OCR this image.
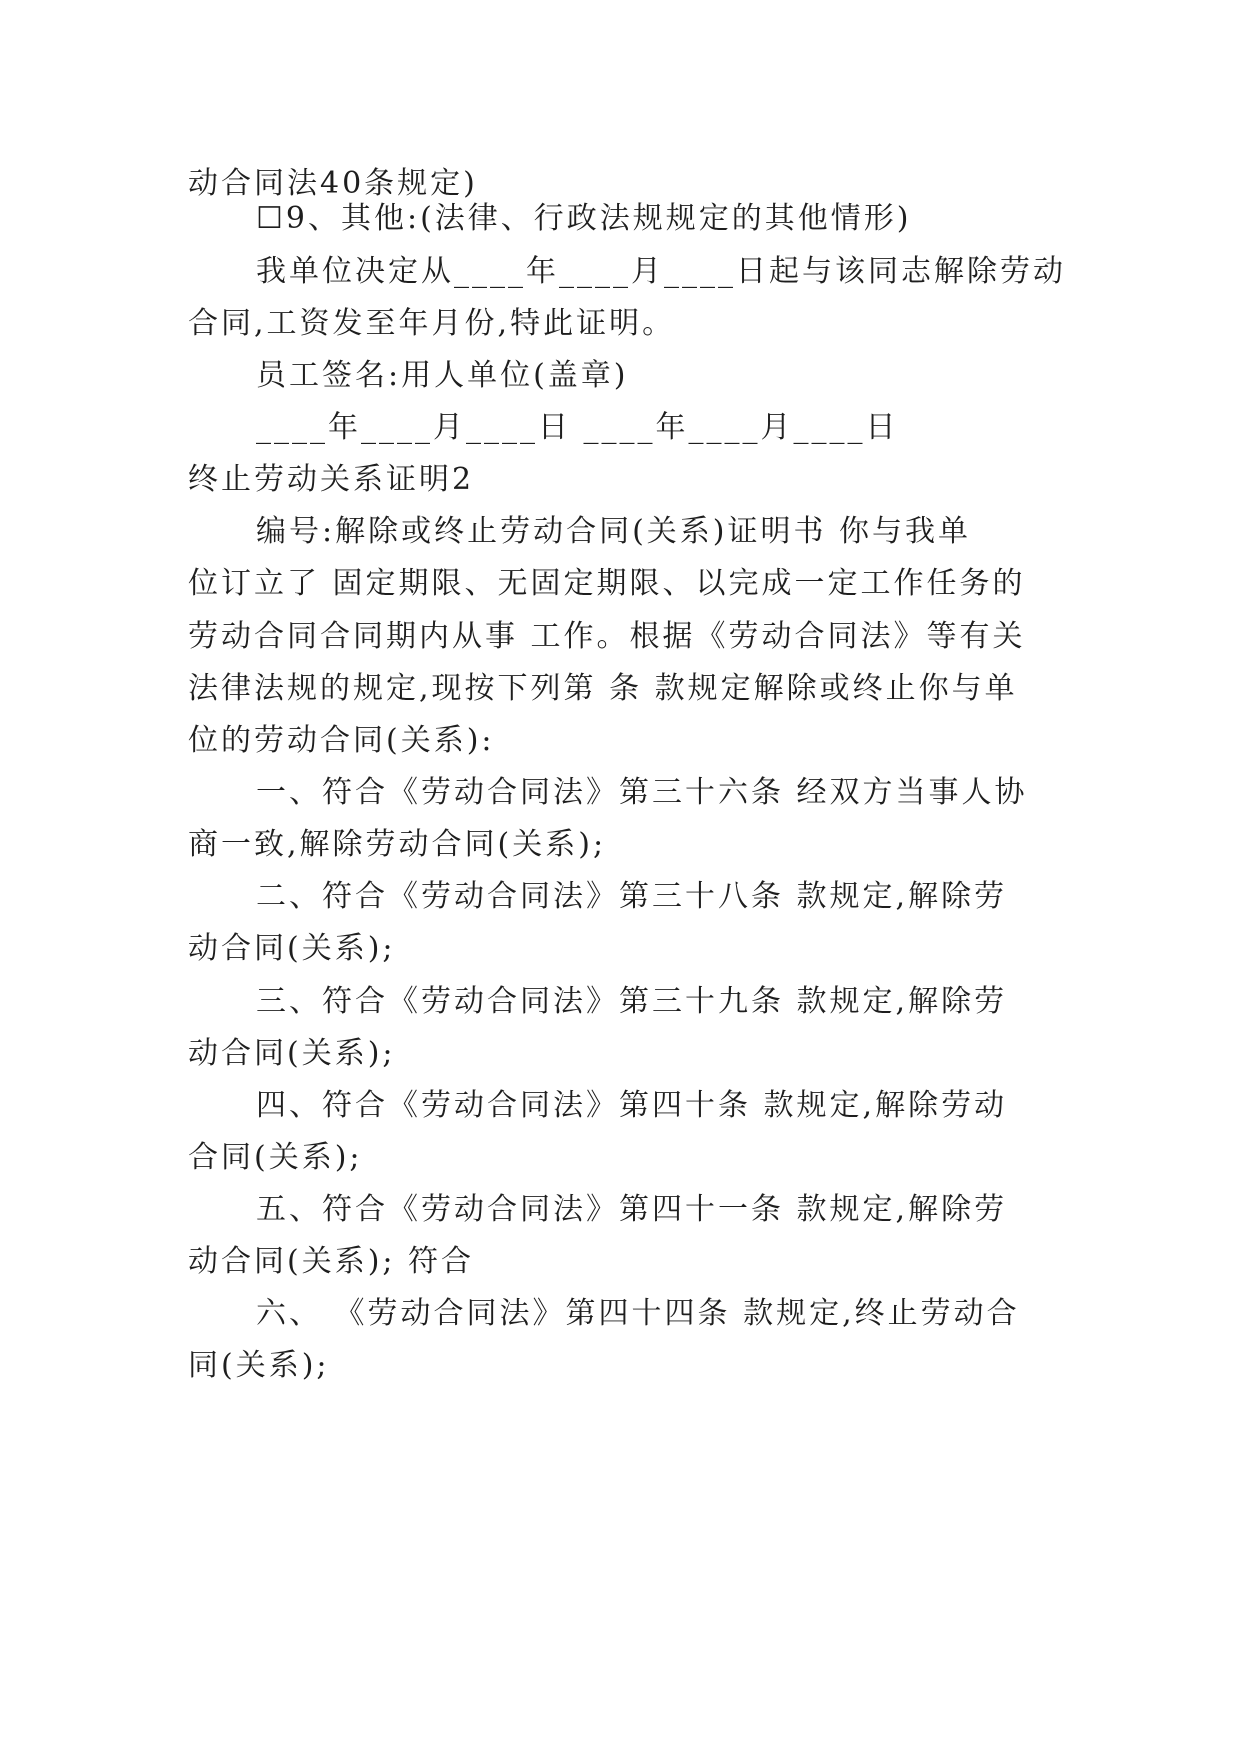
动合同法40条规定)
☐9、其他:(法律、行政法规规定的其他情形)
我单位决定从____年____月____日起与该同志解除劳动
合同,工资发至年月份,特此证明。
员工签名:用人单位(盖章)
____年____月____日 ____年____月____日
终止劳动关系证明2
编号:解除或终止劳动合同(关系)证明书 你与我单
位订立了 固定期限、无固定期限、以完成一定工作任务的
劳动合同合同期内从事 工作。根据《劳动合同法》等有关
法律法规的规定,现按下列第 条 款规定解除或终止你与单
位的劳动合同(关系):
一、符合《劳动合同法》第三十六条 经双方当事人协
商一致,解除劳动合同(关系);
二、符合《劳动合同法》第三十八条 款规定,解除劳
动合同(关系);
三、符合《劳动合同法》第三十九条 款规定,解除劳
动合同(关系);
四、符合《劳动合同法》第四十条 款规定,解除劳动
合同(关系);
五、符合《劳动合同法》第四十一条 款规定,解除劳
动合同(关系); 符合
六、 《劳动合同法》第四十四条 款规定,终止劳动合
同(关系);
